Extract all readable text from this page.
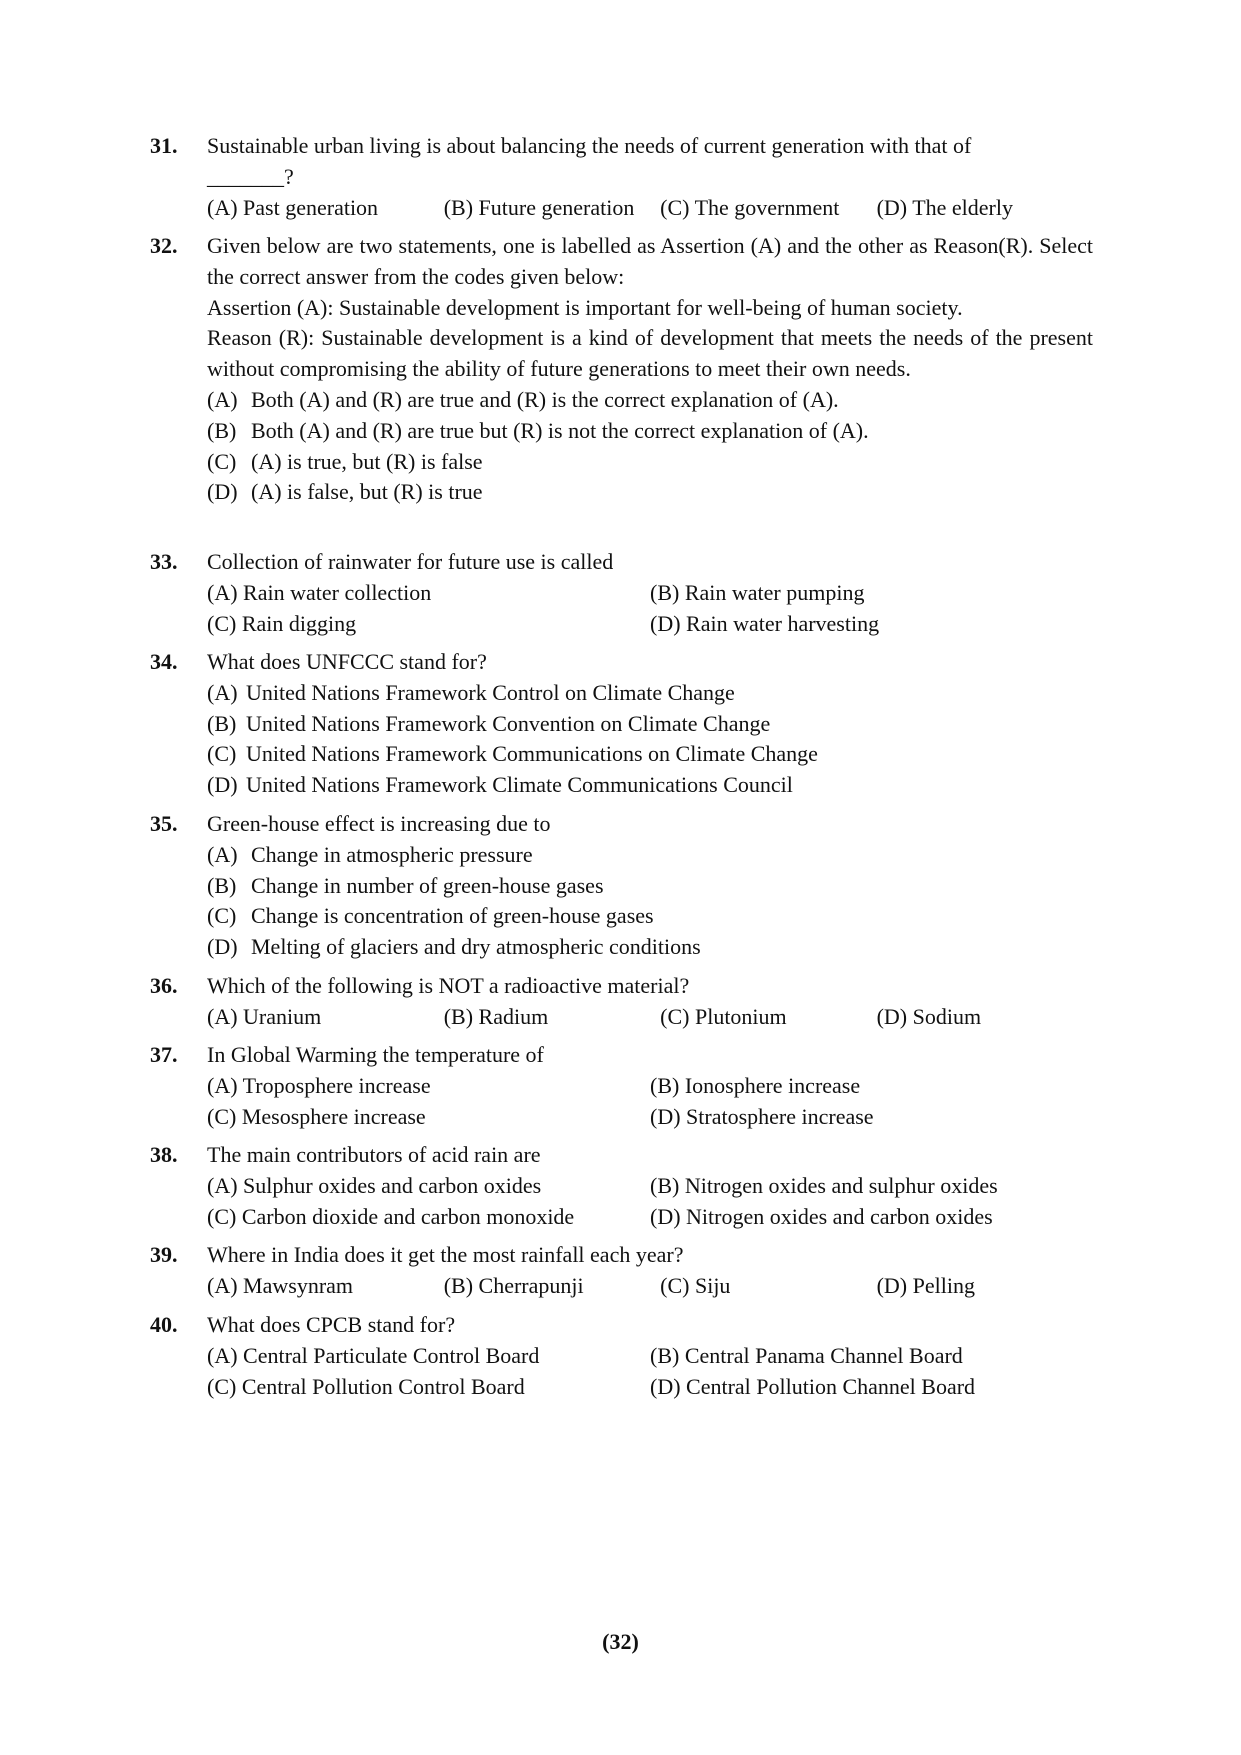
31. Sustainable urban living is about balancing the needs of current generation with that of
_______?
(A) Past generation	(B) Future generation	(C) The government	(D) The elderly
32. Given below are two statements, one is labelled as Assertion (A) and the other as Reason(R). Select the correct answer from the codes given below:
Assertion (A): Sustainable development is important for well-being of human society.
Reason (R): Sustainable development is a kind of development that meets the needs of the present without compromising the ability of future generations to meet their own needs.
(A) Both (A) and (R) are true and (R) is the correct explanation of (A).
(B) Both (A) and (R) are true but (R) is not the correct explanation of (A).
(C) (A) is true, but (R) is false
(D) (A) is false, but (R) is true
33. Collection of rainwater for future use is called
(A) Rain water collection	(B) Rain water pumping
(C) Rain digging	(D) Rain water harvesting
34. What does UNFCCC stand for?
(A) United Nations Framework Control on Climate Change
(B) United Nations Framework Convention on Climate Change
(C) United Nations Framework Communications on Climate Change
(D) United Nations Framework Climate Communications Council
35. Green-house effect is increasing due to
(A) Change in atmospheric pressure
(B) Change in number of green-house gases
(C) Change is concentration of green-house gases
(D) Melting of glaciers and dry atmospheric conditions
36. Which of the following is NOT a radioactive material?
(A) Uranium	(B) Radium	(C) Plutonium	(D) Sodium
37. In Global Warming the temperature of
(A) Troposphere increase	(B) Ionosphere increase
(C) Mesosphere increase	(D) Stratosphere increase
38. The main contributors of acid rain are
(A) Sulphur oxides and carbon oxides	(B) Nitrogen oxides and sulphur oxides
(C) Carbon dioxide and carbon monoxide	(D) Nitrogen oxides and carbon oxides
39. Where in India does it get the most rainfall each year?
(A) Mawsynram	(B) Cherrapunji	(C) Siju	(D) Pelling
40. What does CPCB stand for?
(A) Central Particulate Control Board	(B) Central Panama Channel Board
(C) Central Pollution Control Board	(D) Central Pollution Channel Board
(32)
